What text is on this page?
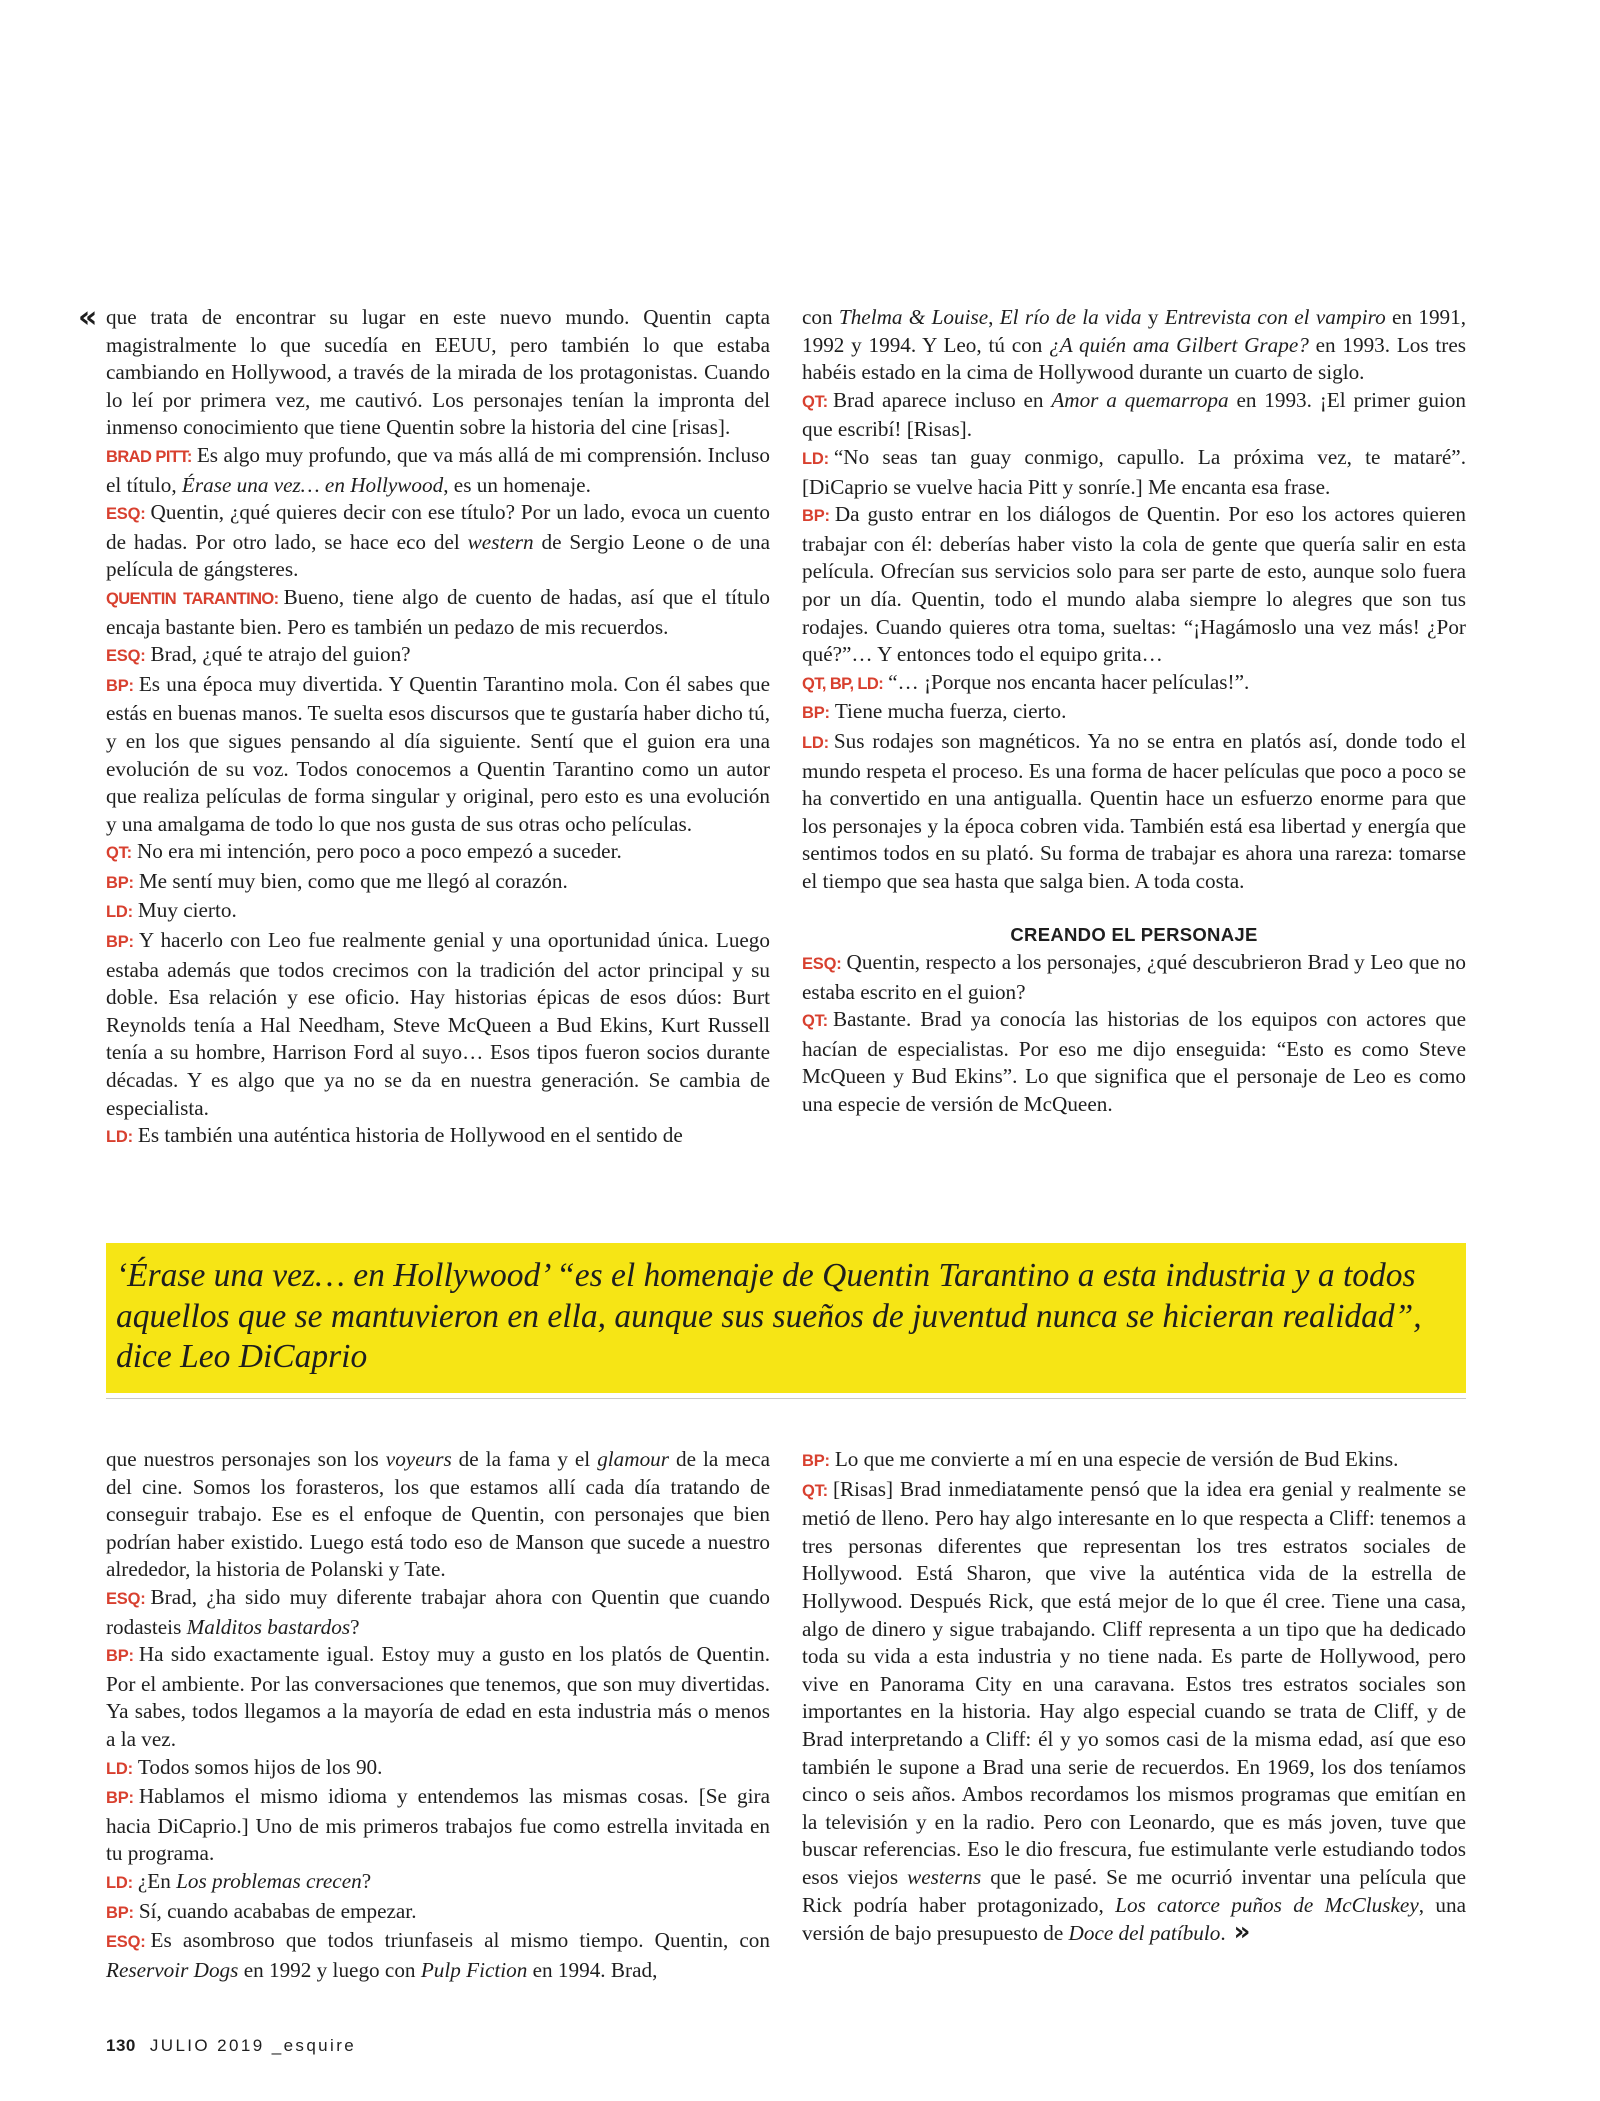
« que trata de encontrar su lugar en este nuevo mundo. Quentin capta magistralmente lo que sucedía en EEUU, pero también lo que estaba cambiando en Hollywood, a través de la mirada de los protagonistas. Cuando lo leí por primera vez, me cautivó. Los personajes tenían la impronta del inmenso conocimiento que tiene Quentin sobre la historia del cine [risas].

BRAD PITT: Es algo muy profundo, que va más allá de mi comprensión. Incluso el título, Érase una vez… en Hollywood, es un homenaje.

ESQ: Quentin, ¿qué quieres decir con ese título? Por un lado, evoca un cuento de hadas. Por otro lado, se hace eco del western de Sergio Leone o de una película de gángsteres.

QUENTIN TARANTINO: Bueno, tiene algo de cuento de hadas, así que el título encaja bastante bien. Pero es también un pedazo de mis recuerdos.

ESQ: Brad, ¿qué te atrajo del guion?

BP: Es una época muy divertida. Y Quentin Tarantino mola. Con él sabes que estás en buenas manos. Te suelta esos discursos que te gustaría haber dicho tú, y en los que sigues pensando al día siguiente. Sentí que el guion era una evolución de su voz. Todos conocemos a Quentin Tarantino como un autor que realiza películas de forma singular y original, pero esto es una evolución y una amalgama de todo lo que nos gusta de sus otras ocho películas.

QT: No era mi intención, pero poco a poco empezó a suceder.

BP: Me sentí muy bien, como que me llegó al corazón.

LD: Muy cierto.

BP: Y hacerlo con Leo fue realmente genial y una oportunidad única. Luego estaba además que todos crecimos con la tradición del actor principal y su doble. Esa relación y ese oficio. Hay historias épicas de esos dúos: Burt Reynolds tenía a Hal Needham, Steve McQueen a Bud Ekins, Kurt Russell tenía a su hombre, Harrison Ford al suyo… Esos tipos fueron socios durante décadas. Y es algo que ya no se da en nuestra generación. Se cambia de especialista.

LD: Es también una auténtica historia de Hollywood en el sentido de

con Thelma & Louise, El río de la vida y Entrevista con el vampiro en 1991, 1992 y 1994. Y Leo, tú con ¿A quién ama Gilbert Grape? en 1993. Los tres habéis estado en la cima de Hollywood durante un cuarto de siglo.

QT: Brad aparece incluso en Amor a quemarropa en 1993. ¡El primer guion que escribí! [Risas].

LD: “No seas tan guay conmigo, capullo. La próxima vez, te mataré”. [DiCaprio se vuelve hacia Pitt y sonríe.] Me encanta esa frase.

BP: Da gusto entrar en los diálogos de Quentin. Por eso los actores quieren trabajar con él: deberías haber visto la cola de gente que quería salir en esta película. Ofrecían sus servicios solo para ser parte de esto, aunque solo fuera por un día. Quentin, todo el mundo alaba siempre lo alegres que son tus rodajes. Cuando quieres otra toma, sueltas: “¡Hagámoslo una vez más! ¿Por qué?”… Y entonces todo el equipo grita…

QT, BP, LD: “… ¡Porque nos encanta hacer películas!”.

BP: Tiene mucha fuerza, cierto.

LD: Sus rodajes son magnéticos. Ya no se entra en platós así, donde todo el mundo respeta el proceso. Es una forma de hacer películas que poco a poco se ha convertido en una antigualla. Quentin hace un esfuerzo enorme para que los personajes y la época cobren vida. También está esa libertad y energía que sentimos todos en su plató. Su forma de trabajar es ahora una rareza: tomarse el tiempo que sea hasta que salga bien. A toda costa.

CREANDO EL PERSONAJE

ESQ: Quentin, respecto a los personajes, ¿qué descubrieron Brad y Leo que no estaba escrito en el guion?

QT: Bastante. Brad ya conocía las historias de los equipos con actores que hacían de especialistas. Por eso me dijo enseguida: “Esto es como Steve McQueen y Bud Ekins”. Lo que significa que el personaje de Leo es como una especie de versión de McQueen.

‘Érase una vez… en Hollywood’ “es el homenaje de Quentin Tarantino a esta industria y a todos aquellos que se mantuvieron en ella, aunque sus sueños de juventud nunca se hicieran realidad”, dice Leo DiCaprio

que nuestros personajes son los voyeurs de la fama y el glamour de la meca del cine. Somos los forasteros, los que estamos allí cada día tratando de conseguir trabajo. Ese es el enfoque de Quentin, con personajes que bien podrían haber existido. Luego está todo eso de Manson que sucede a nuestro alrededor, la historia de Polanski y Tate.

ESQ: Brad, ¿ha sido muy diferente trabajar ahora con Quentin que cuando rodasteis Malditos bastardos?

BP: Ha sido exactamente igual. Estoy muy a gusto en los platós de Quentin. Por el ambiente. Por las conversaciones que tenemos, que son muy divertidas. Ya sabes, todos llegamos a la mayoría de edad en esta industria más o menos a la vez.

LD: Todos somos hijos de los 90.

BP: Hablamos el mismo idioma y entendemos las mismas cosas. [Se gira hacia DiCaprio.] Uno de mis primeros trabajos fue como estrella invitada en tu programa.

LD: ¿En Los problemas crecen?

BP: Sí, cuando acababas de empezar.

ESQ: Es asombroso que todos triunfaseis al mismo tiempo. Quentin, con Reservoir Dogs en 1992 y luego con Pulp Fiction en 1994. Brad,

BP: Lo que me convierte a mí en una especie de versión de Bud Ekins.

QT: [Risas] Brad inmediatamente pensó que la idea era genial y realmente se metió de lleno. Pero hay algo interesante en lo que respecta a Cliff: tenemos a tres personas diferentes que representan los tres estratos sociales de Hollywood. Está Sharon, que vive la auténtica vida de la estrella de Hollywood. Después Rick, que está mejor de lo que él cree. Tiene una casa, algo de dinero y sigue trabajando. Cliff representa a un tipo que ha dedicado toda su vida a esta industria y no tiene nada. Es parte de Hollywood, pero vive en Panorama City en una caravana. Estos tres estratos sociales son importantes en la historia. Hay algo especial cuando se trata de Cliff, y de Brad interpretando a Cliff: él y yo somos casi de la misma edad, así que eso también le supone a Brad una serie de recuerdos. En 1969, los dos teníamos cinco o seis años. Ambos recordamos los mismos programas que emitían en la televisión y en la radio. Pero con Leonardo, que es más joven, tuve que buscar referencias. Eso le dio frescura, fue estimulante verle estudiando todos esos viejos westerns que le pasé. Se me ocurrió inventar una película que Rick podría haber protagonizado, Los catorce puños de McCluskey, una versión de bajo presupuesto de Doce del patíbulo. »

130 JULIO 2019 _esquire
